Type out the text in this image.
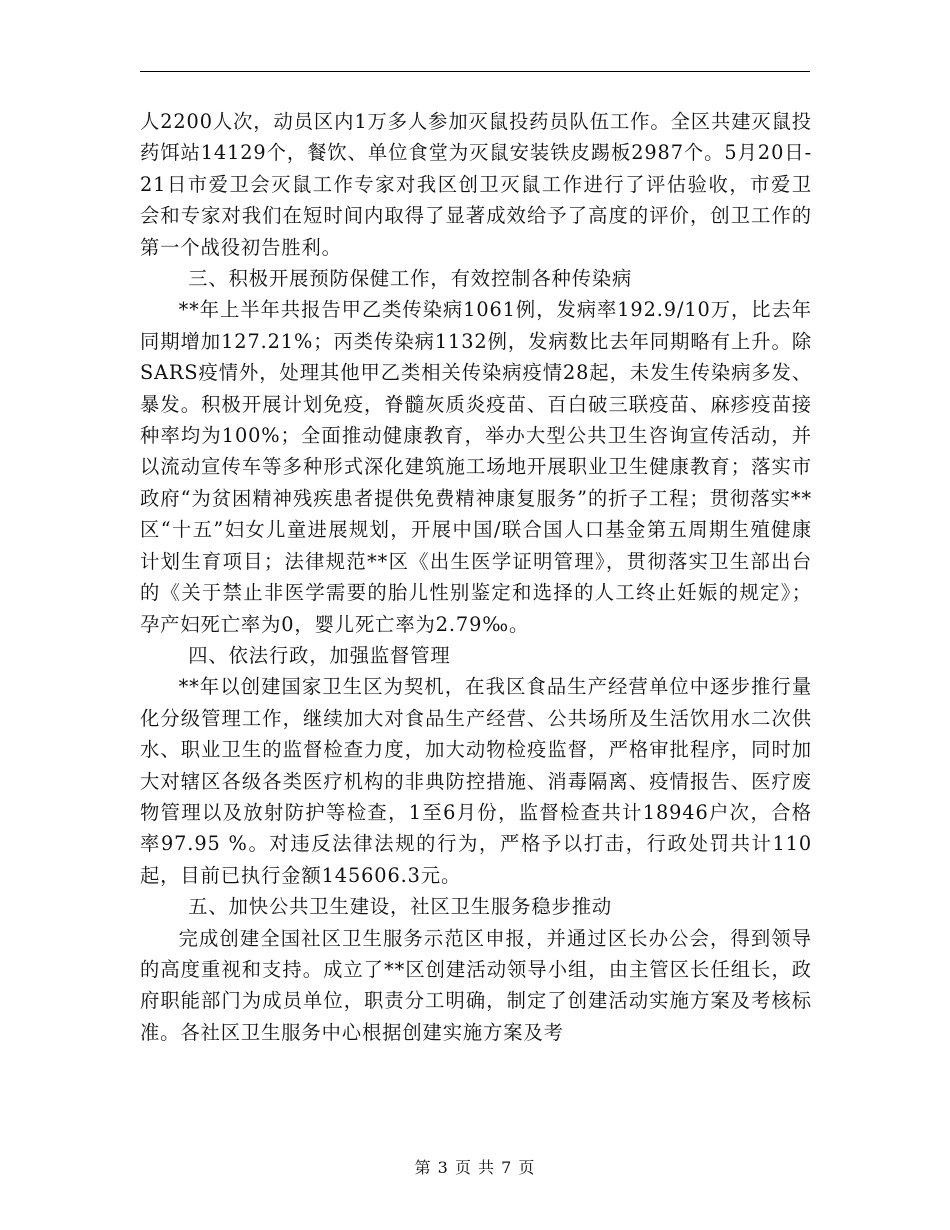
人2200人次，动员区内1万多人参加灭鼠投药员队伍工作。全区共建灭鼠投药饵站14129个，餐饮、单位食堂为灭鼠安装铁皮踢板2987个。5月20日-21日市爱卫会灭鼠工作专家对我区创卫灭鼠工作进行了评估验收，市爱卫会和专家对我们在短时间内取得了显著成效给予了高度的评价，创卫工作的第一个战役初告胜利。

三、积极开展预防保健工作，有效控制各种传染病

**年上半年共报告甲乙类传染病1061例，发病率192.9/10万，比去年同期增加127.21%；丙类传染病1132例，发病数比去年同期略有上升。除SARS疫情外，处理其他甲乙类相关传染病疫情28起，未发生传染病多发、暴发。积极开展计划免疫，脊髓灰质炎疫苗、百白破三联疫苗、麻疹疫苗接种率均为100%；全面推动健康教育，举办大型公共卫生咨询宣传活动，并以流动宣传车等多种形式深化建筑施工场地开展职业卫生健康教育；落实市政府“为贫困精神残疾患者提供免费精神康复服务”的折子工程；贯彻落实**区“十五”妇女儿童进展规划，开展中国/联合国人口基金第五周期生殖健康计划生育项目；法律规范**区《出生医学证明管理》，贯彻落实卫生部出台的《关于禁止非医学需要的胎儿性别鉴定和选择的人工终止妊娠的规定》；孕产妇死亡率为0，婴儿死亡率为2.79‰。

四、依法行政，加强监督管理

**年以创建国家卫生区为契机，在我区食品生产经营单位中逐步推行量化分级管理工作，继续加大对食品生产经营、公共场所及生活饮用水二次供水、职业卫生的监督检查力度，加大动物检疫监督，严格审批程序，同时加大对辖区各级各类医疗机构的非典防控措施、消毒隔离、疫情报告、医疗废物管理以及放射防护等检查，1至6月份，监督检查共计18946户次，合格率97.95 %。对违反法律法规的行为，严格予以打击，行政处罚共计110起，目前已执行金额145606.3元。

五、加快公共卫生建设，社区卫生服务稳步推动

完成创建全国社区卫生服务示范区申报，并通过区长办公会，得到领导的高度重视和支持。成立了**区创建活动领导小组，由主管区长任组长，政府职能部门为成员单位，职责分工明确，制定了创建活动实施方案及考核标准。各社区卫生服务中心根据创建实施方案及考

第 3 页 共 7 页
